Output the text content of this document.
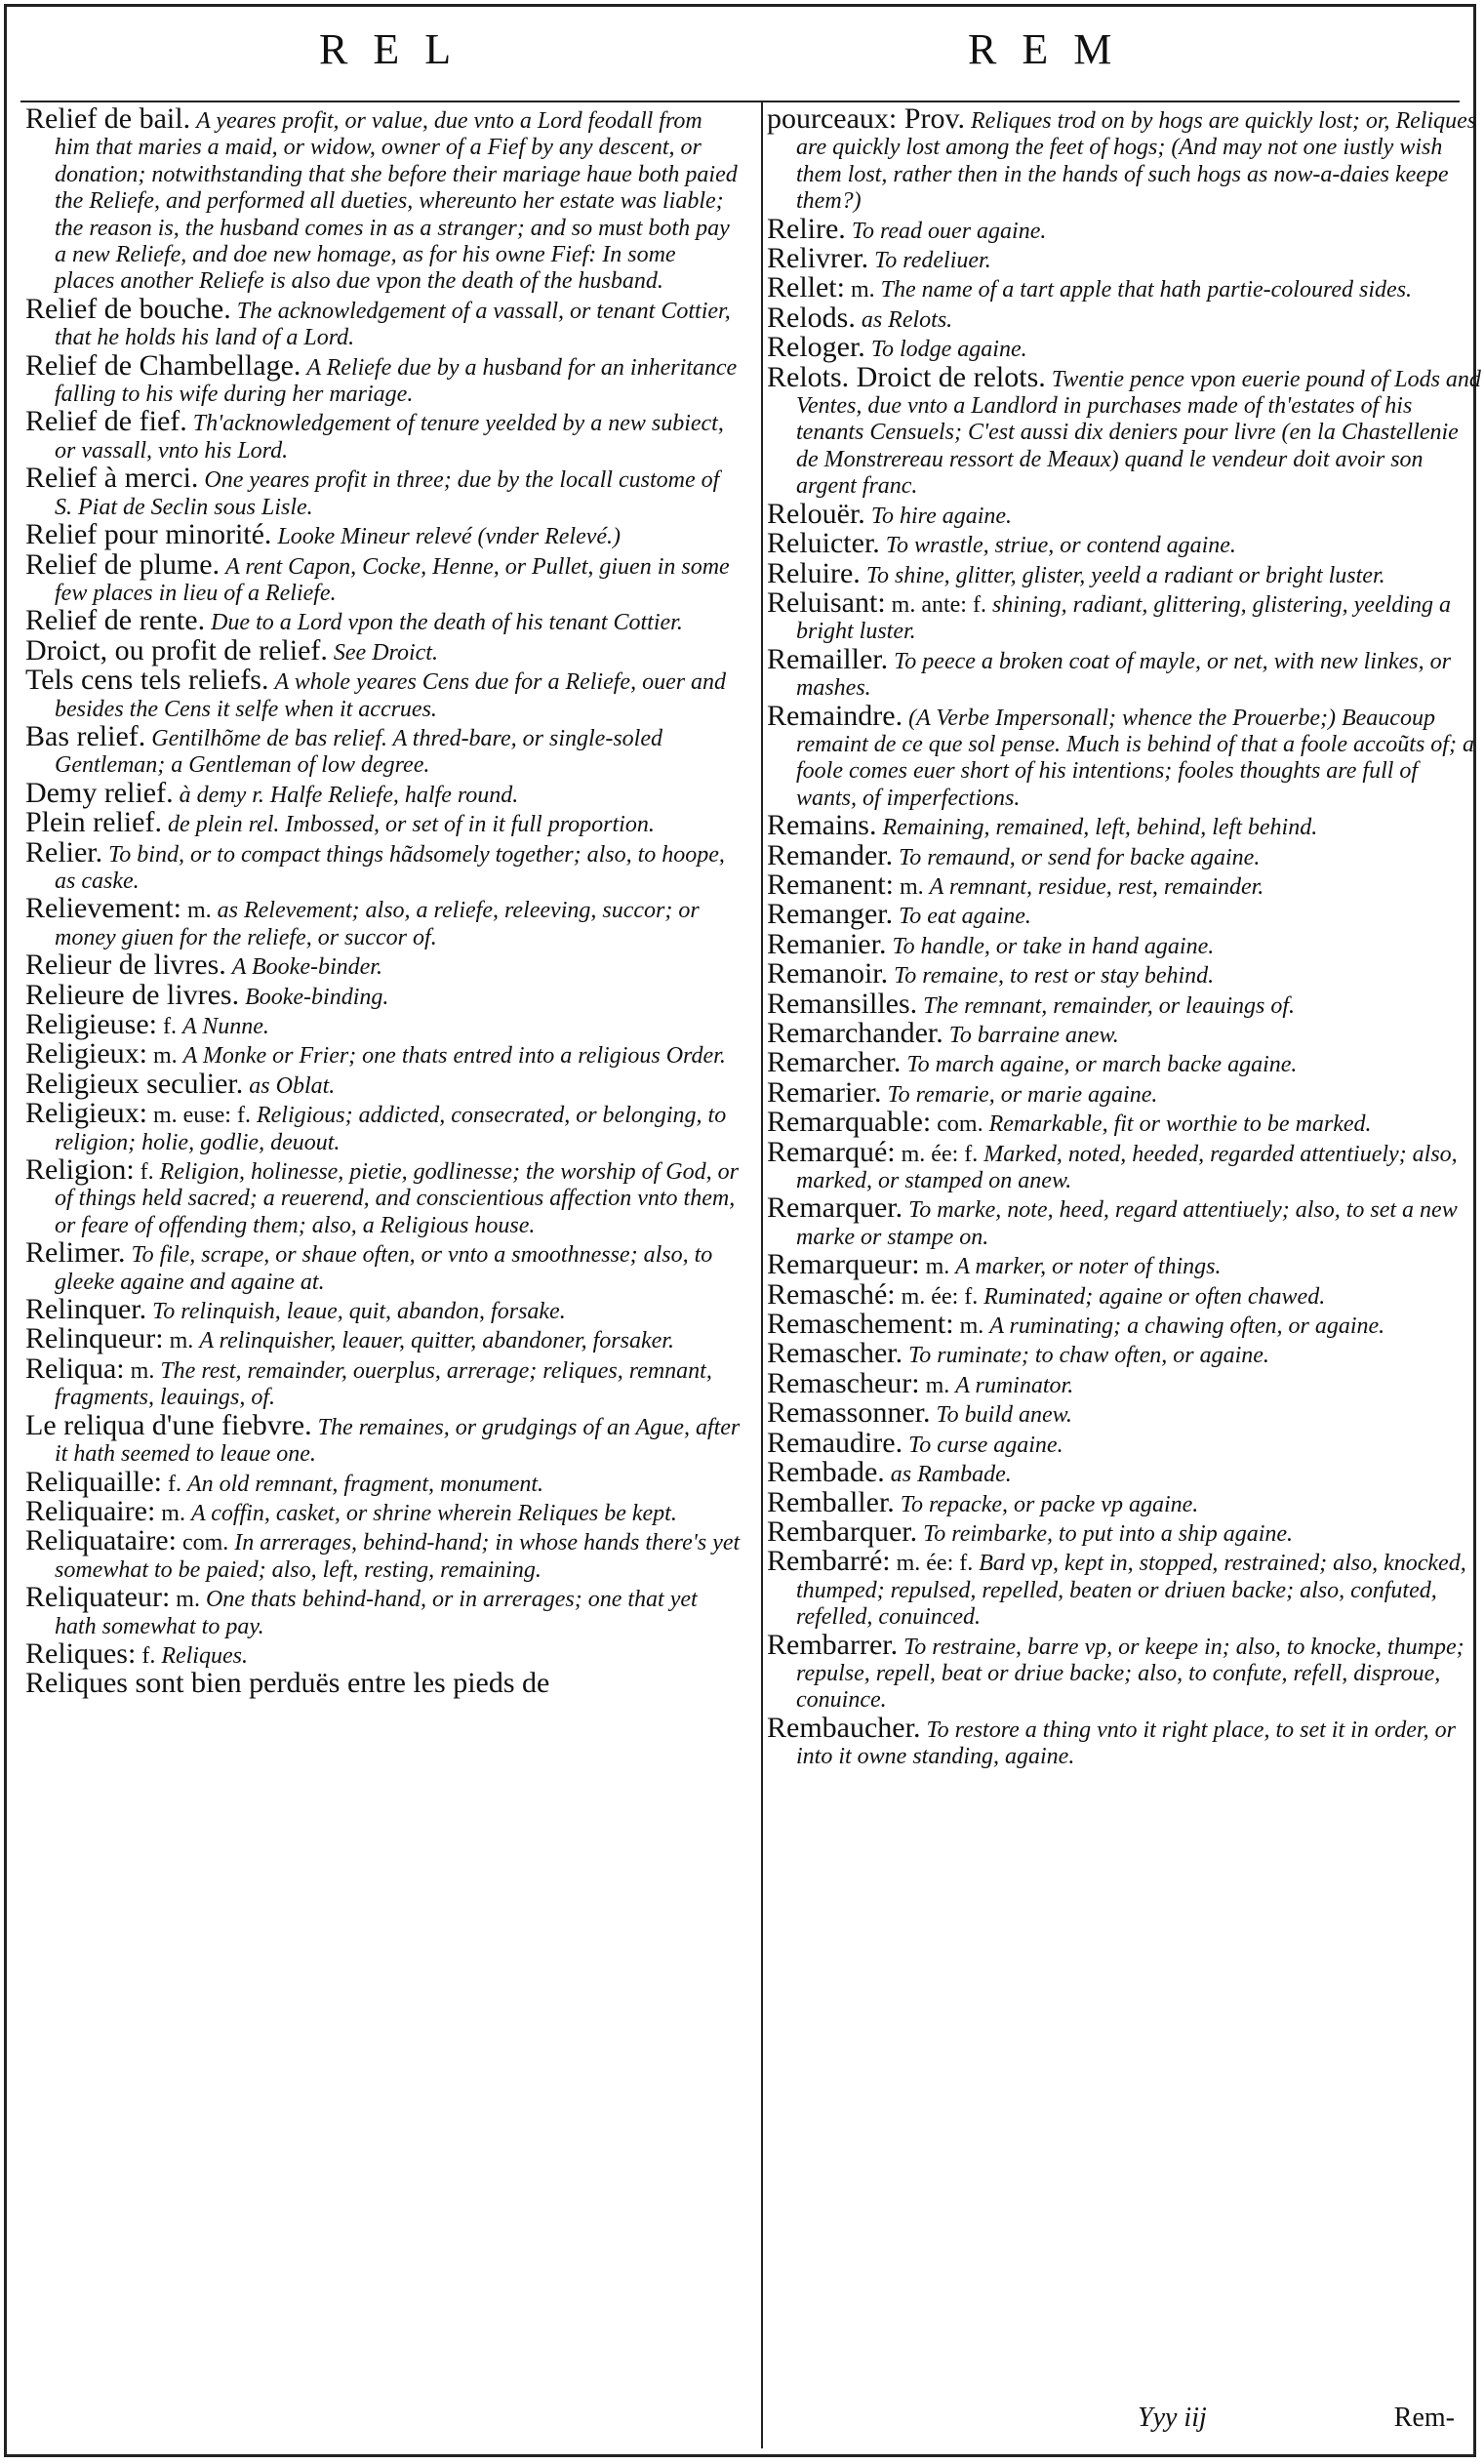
REL	REM

Relief de bail. A yeares profit, or value, due vnto a Lord feodall from him that maries a maid, or widow, owner of a Fief by any descent, or donation; notwithstanding that she before their mariage haue both paied the Reliefe, and performed all dueties, whereunto her estate was liable; the reason is, the husband comes in as a stranger; and so must both pay a new Reliefe, and doe new homage, as for his owne Fief: In some places another Reliefe is also due vpon the death of the husband.

Relief de bouche. The acknowledgement of a vassall, or tenant Cottier, that he holds his land of a Lord.

Relief de Chambellage. A Reliefe due by a husband for an inheritance falling to his wife during her mariage.

Relief de fief. Th'acknowledgement of tenure yeelded by a new subiect, or vassall, vnto his Lord.

Relief à merci. One yeares profit in three; due by the locall custome of S. Piat de Seclin sous Lisle.

Relief pour minorité. Looke Mineur relevé (vnder Relevé.)

Relief de plume. A rent Capon, Cocke, Henne, or Pullet, giuen in some few places in lieu of a Reliefe.

Relief de rente. Due to a Lord vpon the death of his tenant Cottier.

Droict, ou profit de relief. See Droict.

Tels cens tels reliefs. A whole yeares Cens due for a Reliefe, ouer and besides the Cens it selfe when it accrues.

Bas relief. Gentilhõme de bas relief. A thred-bare, or single-soled Gentleman; a Gentleman of low degree.

Demy relief. à demy r. Halfe Reliefe, halfe round.

Plein relief. de plein rel. Imbossed, or set of in it full proportion.

Relier. To bind, or to compact things hãdsomely together; also, to hoope, as caske.

Relievement: m. as Relevement; also, a reliefe, releeving, succor; or money giuen for the reliefe, or succor of.

Relieur de livres. A Booke-binder.

Relieure de livres. Booke-binding.

Religieuse: f. A Nunne.

Religieux: m. A Monke or Frier; one thats entred into a religious Order.

Religieux seculier. as Oblat.

Religieux: m. euse: f. Religious; addicted, consecrated, or belonging, to religion; holie, godlie, deuout.

Religion: f. Religion, holinesse, pietie, godlinesse; the worship of God, or of things held sacred; a reuerend, and conscientious affection vnto them, or feare of offending them; also, a Religious house.

Relimer. To file, scrape, or shaue often, or vnto a smoothnesse; also, to gleeke againe and againe at.

Relinquer. To relinquish, leaue, quit, abandon, forsake.

Relinqueur: m. A relinquisher, leauer, quitter, abandoner, forsaker.

Reliqua: m. The rest, remainder, ouerplus, arrerage; reliques, remnant, fragments, leauings, of.

Le reliqua d'une fiebvre. The remaines, or grudgings of an Ague, after it hath seemed to leaue one.

Reliquaille: f. An old remnant, fragment, monument.

Reliquaire: m. A coffin, casket, or shrine wherein Reliques be kept.

Reliquataire: com. In arrerages, behind-hand; in whose hands there's yet somewhat to be paied; also, left, resting, remaining.

Reliquateur: m. One thats behind-hand, or in arrerages; one that yet hath somewhat to pay.

Reliques: f. Reliques.

Reliques sont bien perduës entre les pieds de

pourceaux: Prov. Reliques trod on by hogs are quickly lost; or, Reliques are quickly lost among the feet of hogs; (And may not one iustly wish them lost, rather then in the hands of such hogs as now-a-daies keepe them?)

Relire. To read ouer againe.

Relivrer. To redeliuer.

Rellet: m. The name of a tart apple that hath partie-coloured sides.

Relods. as Relots.

Reloger. To lodge againe.

Relots. Droict de relots. Twentie pence vpon euerie pound of Lods and Ventes, due vnto a Landlord in purchases made of th'estates of his tenants Censuels; C'est aussi dix deniers pour livre (en la Chastellenie de Monstrereau ressort de Meaux) quand le vendeur doit avoir son argent franc.

Relouër. To hire againe.

Reluicter. To wrastle, striue, or contend againe.

Reluire. To shine, glitter, glister, yeeld a radiant or bright luster.

Reluisant: m. ante: f. shining, radiant, glittering, glistering, yeelding a bright luster.

Remailler. To peece a broken coat of mayle, or net, with new linkes, or mashes.

Remaindre. (A Verbe Impersonall; whence the Prouerbe;) Beaucoup remaint de ce que sol pense. Much is behind of that a foole accoũts of; a foole comes euer short of his intentions; fooles thoughts are full of wants, of imperfections.

Remains. Remaining, remained, left, behind, left behind.

Remander. To remaund, or send for backe againe.

Remanent: m. A remnant, residue, rest, remainder.

Remanger. To eat againe.

Remanier. To handle, or take in hand againe.

Remanoir. To remaine, to rest or stay behind.

Remansilles. The remnant, remainder, or leauings of.

Remarchander. To barraine anew.

Remarcher. To march againe, or march backe againe.

Remarier. To remarie, or marie againe.

Remarquable: com. Remarkable, fit or worthie to be marked.

Remarqué: m. ée: f. Marked, noted, heeded, regarded attentiuely; also, marked, or stamped on anew.

Remarquer. To marke, note, heed, regard attentiuely; also, to set a new marke or stampe on.

Remarqueur: m. A marker, or noter of things.

Remasché: m. ée: f. Ruminated; againe or often chawed.

Remaschement: m. A ruminating; a chawing often, or againe.

Remascher. To ruminate; to chaw often, or againe.

Remascheur: m. A ruminator.

Remassonner. To build anew.

Remaudire. To curse againe.

Rembade. as Rambade.

Remballer. To repacke, or packe vp againe.

Rembarquer. To reimbarke, to put into a ship againe.

Rembarré: m. ée: f. Bard vp, kept in, stopped, restrained; also, knocked, thumped; repulsed, repelled, beaten or driuen backe; also, confuted, refelled, conuinced.

Rembarrer. To restraine, barre vp, or keepe in; also, to knocke, thumpe; repulse, repell, beat or driue backe; also, to confute, refell, disproue, conuince.

Rembaucher. To restore a thing vnto it right place, to set it in order, or into it owne standing, againe.

Yyy iij	Rem-
